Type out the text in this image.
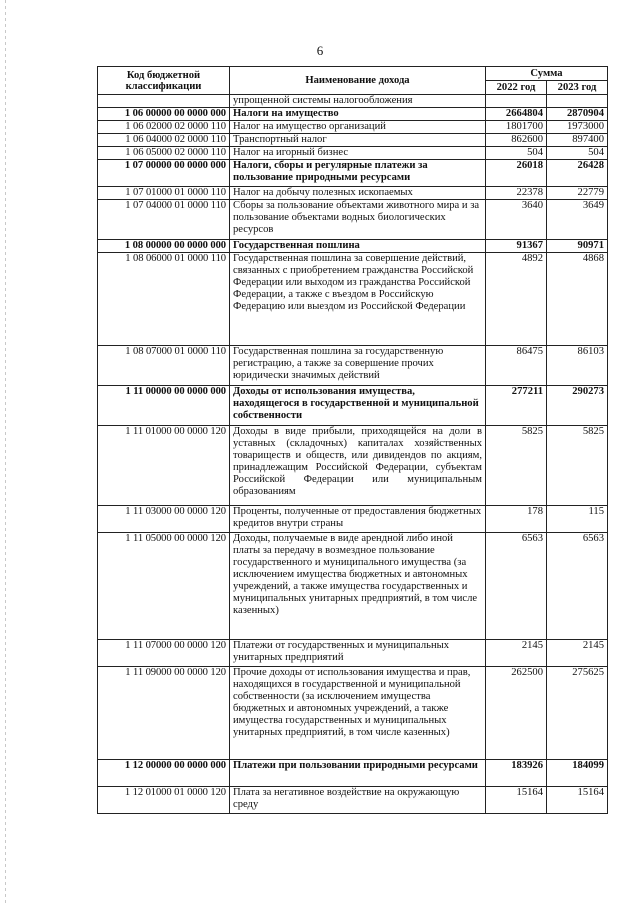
6
Код бюджетной классификации	Наименование дохода	Сумма	
		2022 год	2023 год
	упрощенной системы налогообложения		
1 06 00000 00 0000 000	Налоги на имущество	2664804	2870904
1 06 02000 02 0000 110	Налог на имущество организаций	1801700	1973000
1 06 04000 02 0000 110	Транспортный налог	862600	897400
1 06 05000 02 0000 110	Налог на игорный бизнес	504	504
1 07 00000 00 0000 000	Налоги, сборы и регулярные платежи за пользование природными ресурсами	26018	26428
1 07 01000 01 0000 110	Налог на добычу полезных ископаемых	22378	22779
1 07 04000 01 0000 110	Сборы за пользование объектами животного мира и за пользование объектами водных биологических ресурсов	3640	3649
1 08 00000 00 0000 000	Государственная пошлина	91367	90971
1 08 06000 01 0000 110	Государственная пошлина за совершение действий, связанных с приобретением гражданства Российской Федерации или выходом из гражданства Российской Федерации, а также с въездом в Российскую Федерацию или выездом из Российской Федерации	4892	4868
1 08 07000 01 0000 110	Государственная пошлина за государственную регистрацию, а также за совершение прочих юридически значимых действий	86475	86103
1 11 00000 00 0000 000	Доходы от использования имущества, находящегося в государственной и муниципальной собственности	277211	290273
1 11 01000 00 0000 120	Доходы в виде прибыли, приходящейся на доли в уставных (складочных) капиталах хозяйственных товариществ и обществ, или дивидендов по акциям, принадлежащим Российской Федерации, субъектам Российской Федерации или муниципальным образованиям	5825	5825
1 11 03000 00 0000 120	Проценты, полученные от предоставления бюджетных кредитов внутри страны	178	115
1 11 05000 00 0000 120	Доходы, получаемые в виде арендной либо иной платы за передачу в возмездное пользование государственного и муниципального имущества (за исключением имущества бюджетных и автономных учреждений, а также имущества государственных и муниципальных унитарных предприятий, в том числе казенных)	6563	6563
1 11 07000 00 0000 120	Платежи от государственных и муниципальных унитарных предприятий	2145	2145
1 11 09000 00 0000 120	Прочие доходы от использования имущества и прав, находящихся в государственной и муниципальной собственности (за исключением имущества бюджетных и автономных учреждений, а также имущества государственных и муниципальных унитарных предприятий, в том числе казенных)	262500	275625
1 12 00000 00 0000 000	Платежи при пользовании природными ресурсами	183926	184099
1 12 01000 01 0000 120	Плата за негативное воздействие на окружающую среду	15164	15164
